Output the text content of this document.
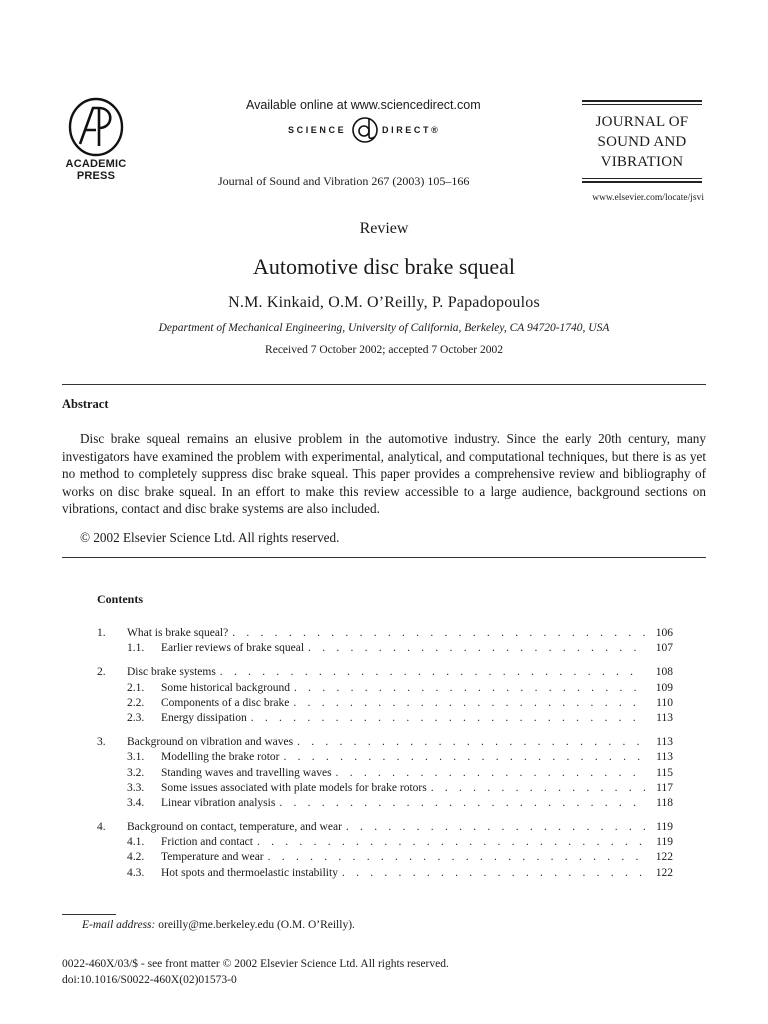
ACADEMIC
PRESS
Available online at www.sciencedirect.com
SCIENCE	DIRECT®
Journal of Sound and Vibration 267 (2003) 105–166
JOURNAL OF
SOUND AND
VIBRATION
www.elsevier.com/locate/jsvi
Review
Automotive disc brake squeal
N.M. Kinkaid, O.M. O’Reilly, P. Papadopoulos
Department of Mechanical Engineering, University of California, Berkeley, CA 94720-1740, USA
Received 7 October 2002; accepted 7 October 2002
Abstract
Disc brake squeal remains an elusive problem in the automotive industry. Since the early 20th century, many investigators have examined the problem with experimental, analytical, and computational techniques, but there is as yet no method to completely suppress disc brake squeal. This paper provides a comprehensive review and bibliography of works on disc brake squeal. In an effort to make this review accessible to a large audience, background sections on vibrations, contact and disc brake systems are also included.
© 2002 Elsevier Science Ltd. All rights reserved.
Contents
1.	What is brake squeal? . . .	106
1.1.	Earlier reviews of brake squeal . . .	107
2.	Disc brake systems . . .	108
2.1.	Some historical background . . .	109
2.2.	Components of a disc brake . . .	110
2.3.	Energy dissipation . . .	113
3.	Background on vibration and waves . . .	113
3.1.	Modelling the brake rotor . . .	113
3.2.	Standing waves and travelling waves . . .	115
3.3.	Some issues associated with plate models for brake rotors . . .	117
3.4.	Linear vibration analysis . . .	118
4.	Background on contact, temperature, and wear . . .	119
4.1.	Friction and contact . . .	119
4.2.	Temperature and wear . . .	122
4.3.	Hot spots and thermoelastic instability . . .	122
E-mail address: oreilly@me.berkeley.edu (O.M. O’Reilly).
0022-460X/03/$ - see front matter © 2002 Elsevier Science Ltd. All rights reserved.
doi:10.1016/S0022-460X(02)01573-0
